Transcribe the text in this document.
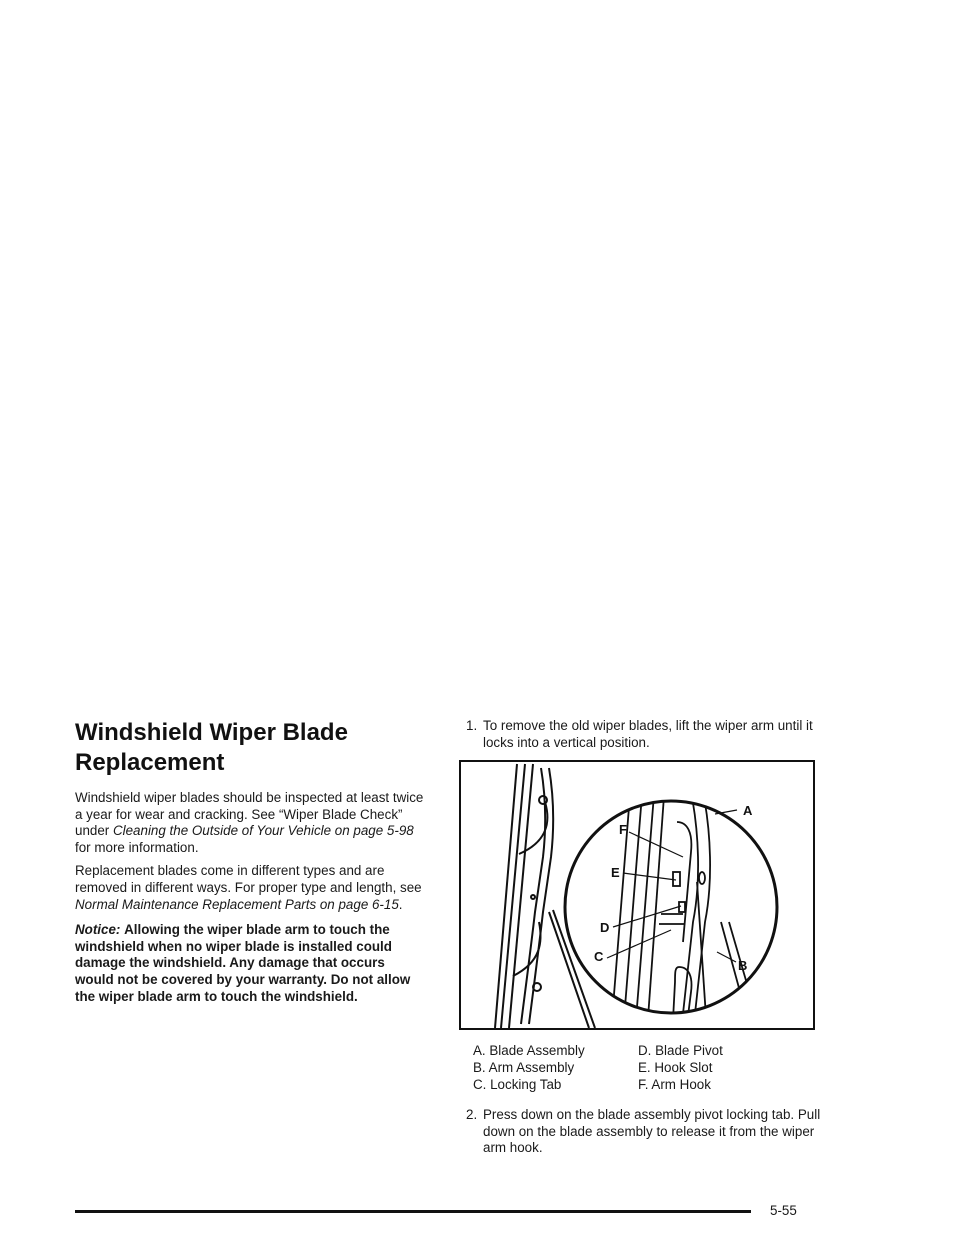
Windshield Wiper Blade
Replacement

Windshield wiper blades should be inspected at least twice a year for wear and cracking. See “Wiper Blade Check” under Cleaning the Outside of Your Vehicle on page 5-98 for more information.

Replacement blades come in different types and are removed in different ways. For proper type and length, see Normal Maintenance Replacement Parts on page 6-15.

Notice: Allowing the wiper blade arm to touch the windshield when no wiper blade is installed could damage the windshield. Any damage that occurs would not be covered by your warranty. Do not allow the wiper blade arm to touch the windshield.

1. To remove the old wiper blades, lift the wiper arm until it locks into a vertical position.
F
A
E
D
C
B
A. Blade Assembly
B. Arm Assembly
C. Locking Tab
D. Blade Pivot
E. Hook Slot
F. Arm Hook
2. Press down on the blade assembly pivot locking tab. Pull down on the blade assembly to release it from the wiper arm hook.
5-55
